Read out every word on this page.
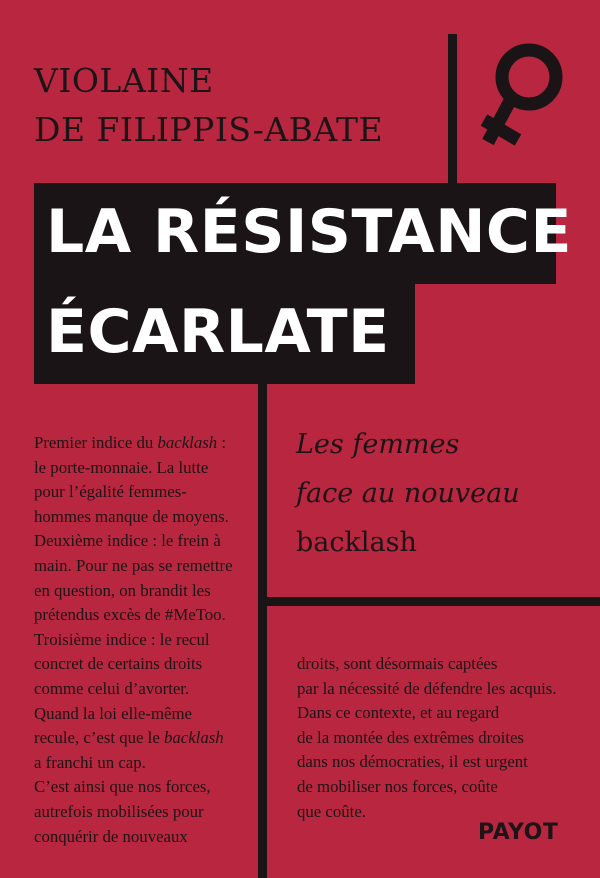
VIOLAINE
DE FILIPPIS-ABATE
LA RÉSISTANCE
ÉCARLATE
Les femmes
face au nouveau
backlash
Premier indice du backlash :
le porte-monnaie. La lutte
pour l’égalité femmes-
hommes manque de moyens.
Deuxième indice : le frein à
main. Pour ne pas se remettre
en question, on brandit les
prétendus excès de #MeToo.
Troisième indice : le recul
concret de certains droits
comme celui d’avorter.
Quand la loi elle-même
recule, c’est que le backlash
a franchi un cap.
C’est ainsi que nos forces,
autrefois mobilisées pour
conquérir de nouveaux
droits, sont désormais captées
par la nécessité de défendre les acquis.
Dans ce contexte, et au regard
de la montée des extrêmes droites
dans nos démocraties, il est urgent
de mobiliser nos forces, coûte
que coûte.
PAYOT
